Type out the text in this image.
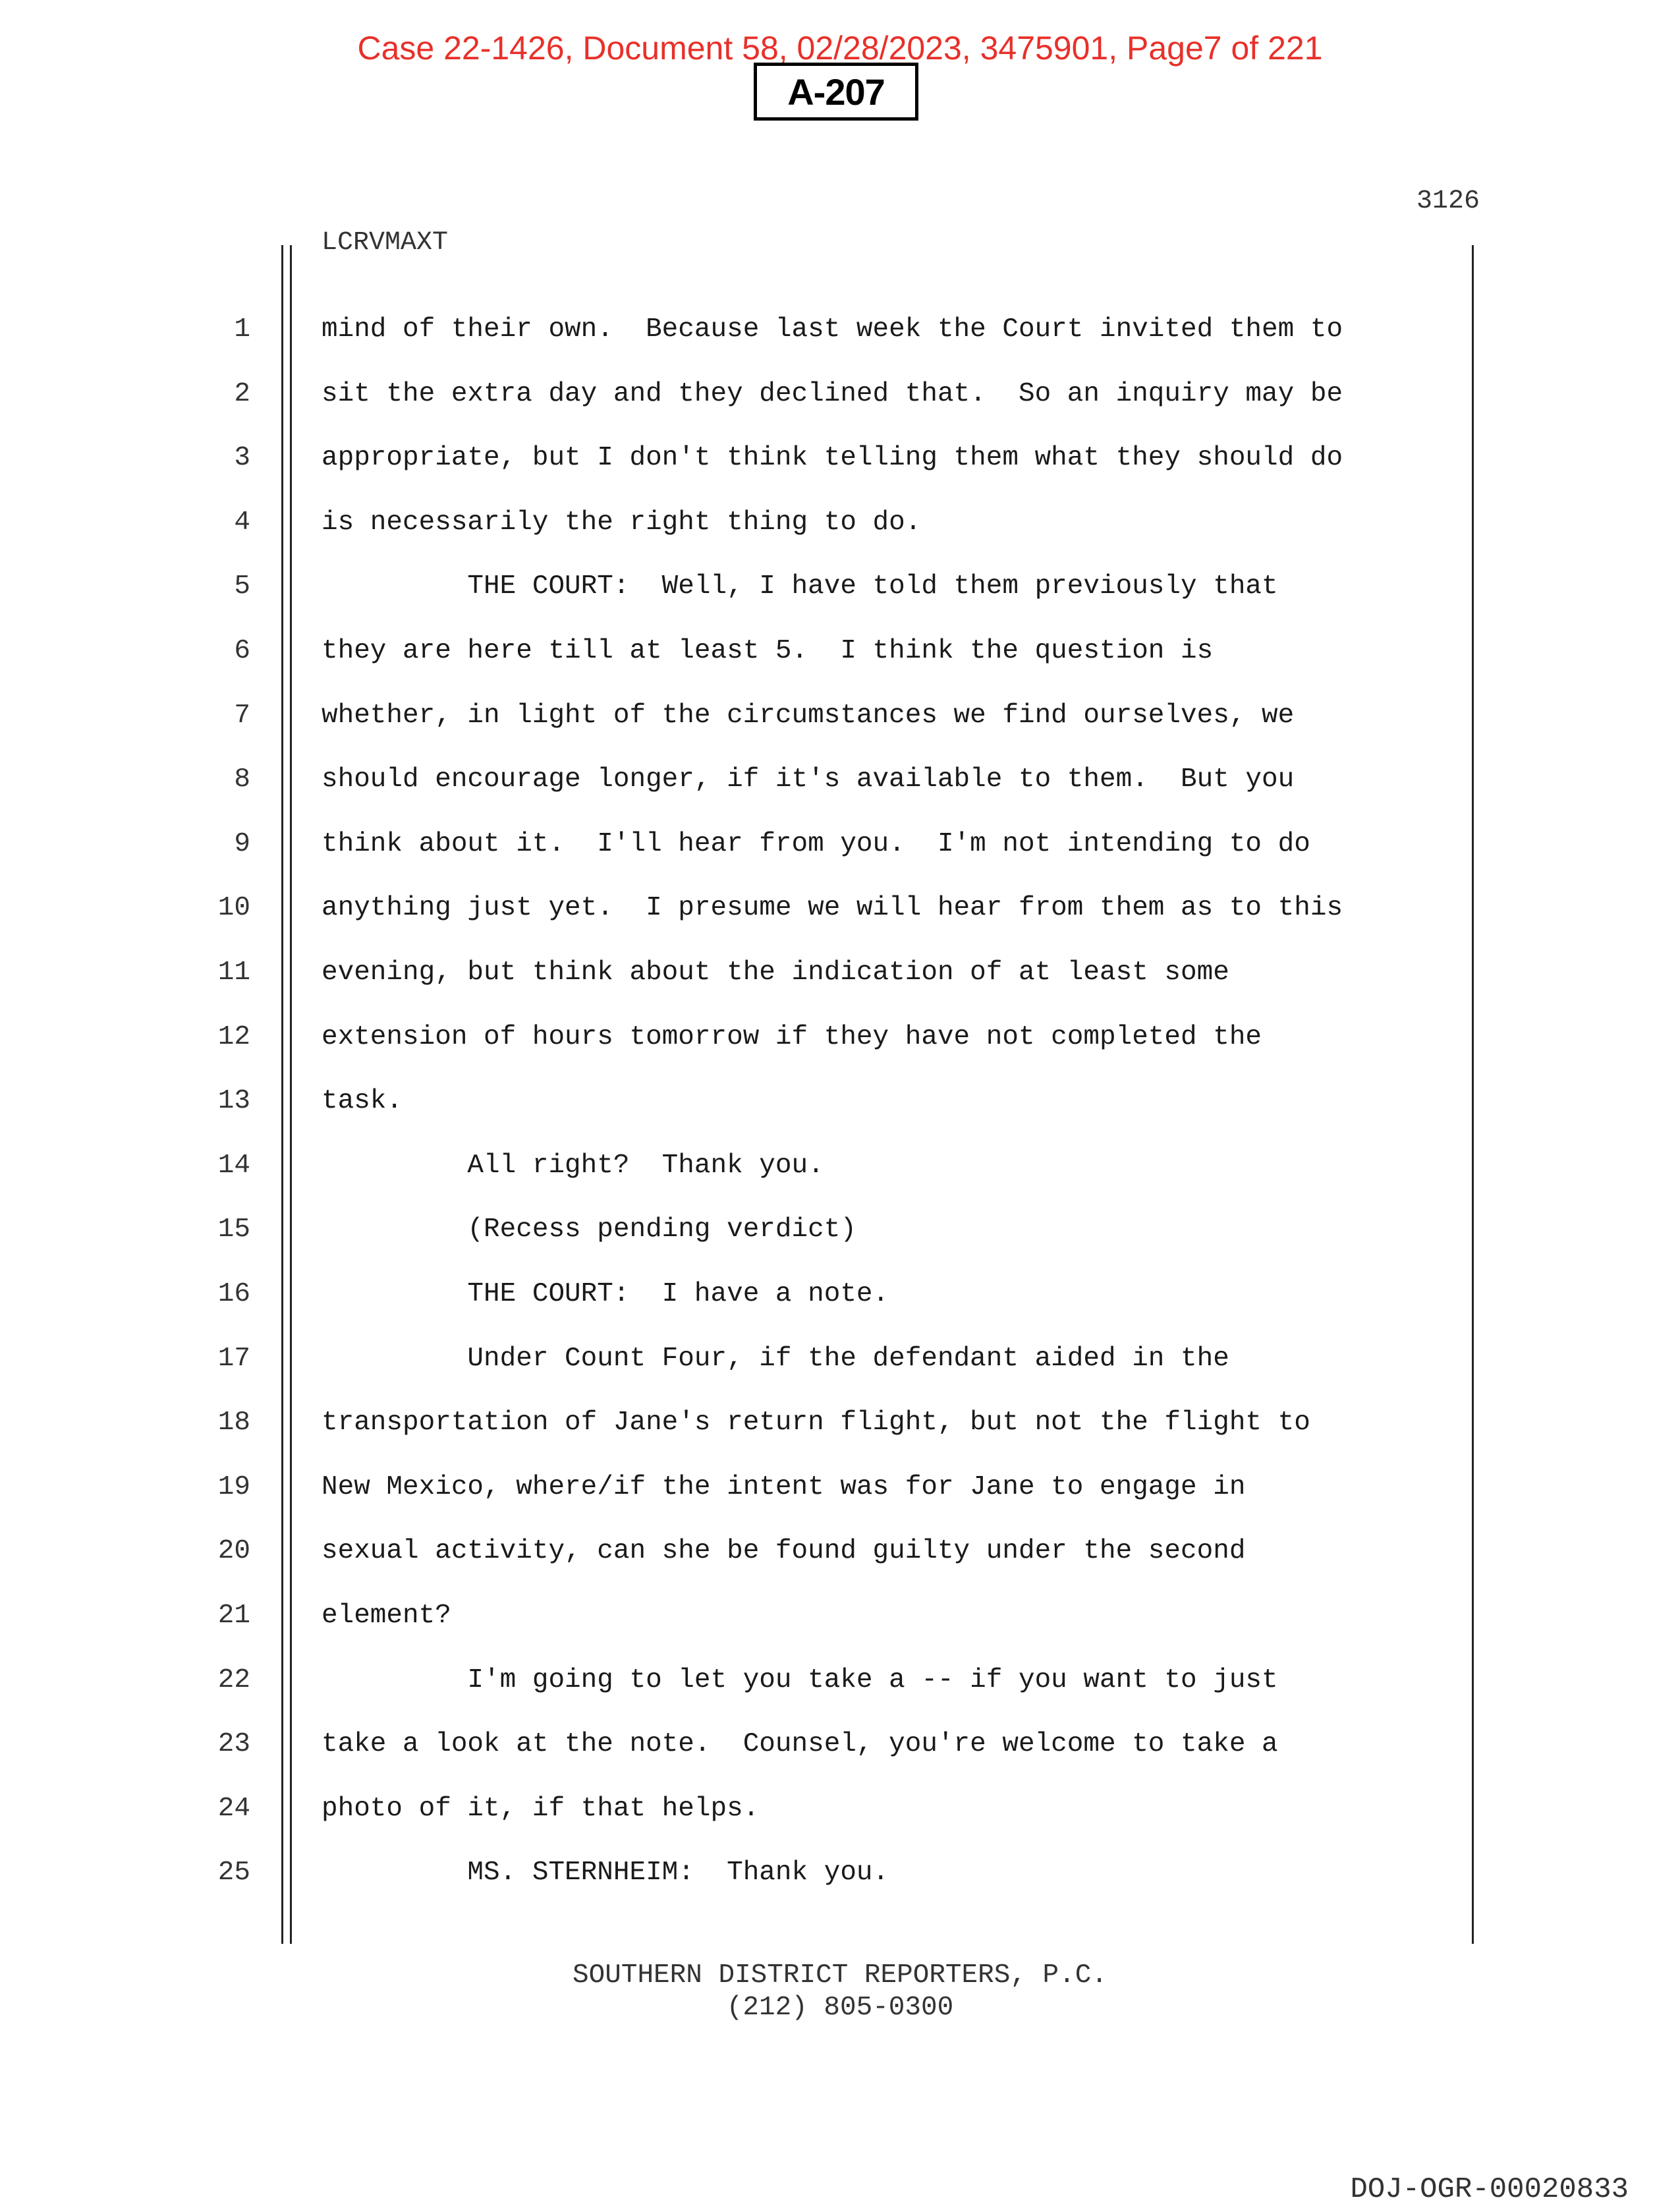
Case 22-1426, Document 58, 02/28/2023, 3475901, Page7 of 221
A-207
3126
LCRVMAXT
1	mind of their own.  Because last week the Court invited them to
2	sit the extra day and they declined that.  So an inquiry may be
3	appropriate, but I don't think telling them what they should do
4	is necessarily the right thing to do.
5	THE COURT:  Well, I have told them previously that
6	they are here till at least 5.  I think the question is
7	whether, in light of the circumstances we find ourselves, we
8	should encourage longer, if it's available to them.  But you
9	think about it.  I'll hear from you.  I'm not intending to do
10	anything just yet.  I presume we will hear from them as to this
11	evening, but think about the indication of at least some
12	extension of hours tomorrow if they have not completed the
13	task.
14	All right?  Thank you.
15	(Recess pending verdict)
16	THE COURT:  I have a note.
17	Under Count Four, if the defendant aided in the
18	transportation of Jane's return flight, but not the flight to
19	New Mexico, where/if the intent was for Jane to engage in
20	sexual activity, can she be found guilty under the second
21	element?
22	I'm going to let you take a -- if you want to just
23	take a look at the note.  Counsel, you're welcome to take a
24	photo of it, if that helps.
25	MS. STERNHEIM:  Thank you.
SOUTHERN DISTRICT REPORTERS, P.C.
(212) 805-0300
DOJ-OGR-00020833
